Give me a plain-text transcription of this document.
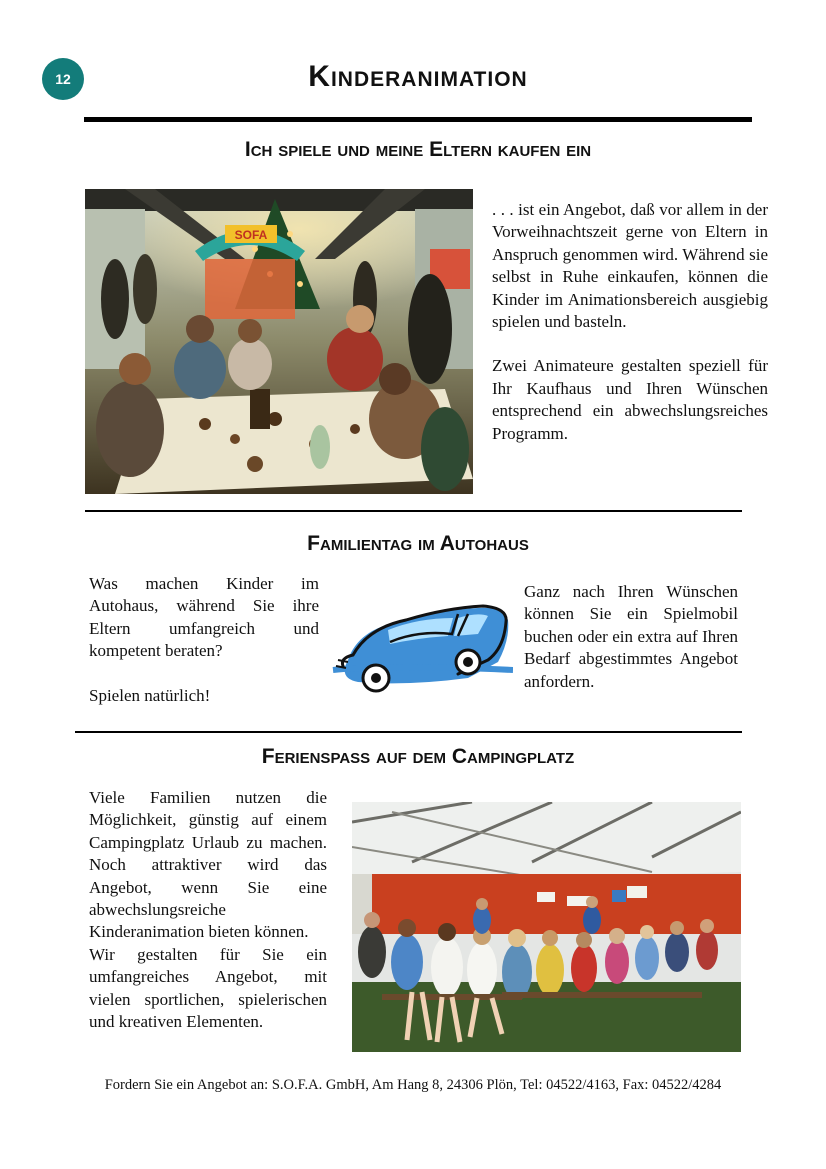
12	Kinderanimation
Ich spiele und meine Eltern kaufen ein
SOFA

. . . ist ein Angebot, daß vor allem in der Vorweihnachtszeit gerne von Eltern in Anspruch genommen wird. Während sie selbst in Ruhe einkaufen, können die Kinder im Animationsbereich ausgiebig spielen und basteln.

Zwei Animateure gestalten speziell für Ihr Kaufhaus und Ihren Wünschen entsprechend ein abwechslungsreiches Programm.

Familientag im Autohaus

Was machen Kinder im Autohaus, während Sie ihre Eltern umfangreich und kompetent beraten?

Spielen natürlich!

Ganz nach Ihren Wünschen können Sie ein Spielmobil buchen oder ein extra auf Ihren Bedarf abgestimmtes Angebot anfordern.

Ferienspass auf dem Campingplatz

Viele Familien nutzen die Möglichkeit, günstig auf einem Campingplatz Urlaub zu machen. Noch attraktiver wird das Angebot, wenn Sie eine abwechslungsreiche Kinderanimation bieten können.

Wir gestalten für Sie ein umfangreiches Angebot, mit vielen sportlichen, spielerischen und kreativen Elementen.

Fordern Sie ein Angebot an: S.O.F.A. GmbH, Am Hang 8, 24306 Plön, Tel: 04522/4163, Fax: 04522/4284
